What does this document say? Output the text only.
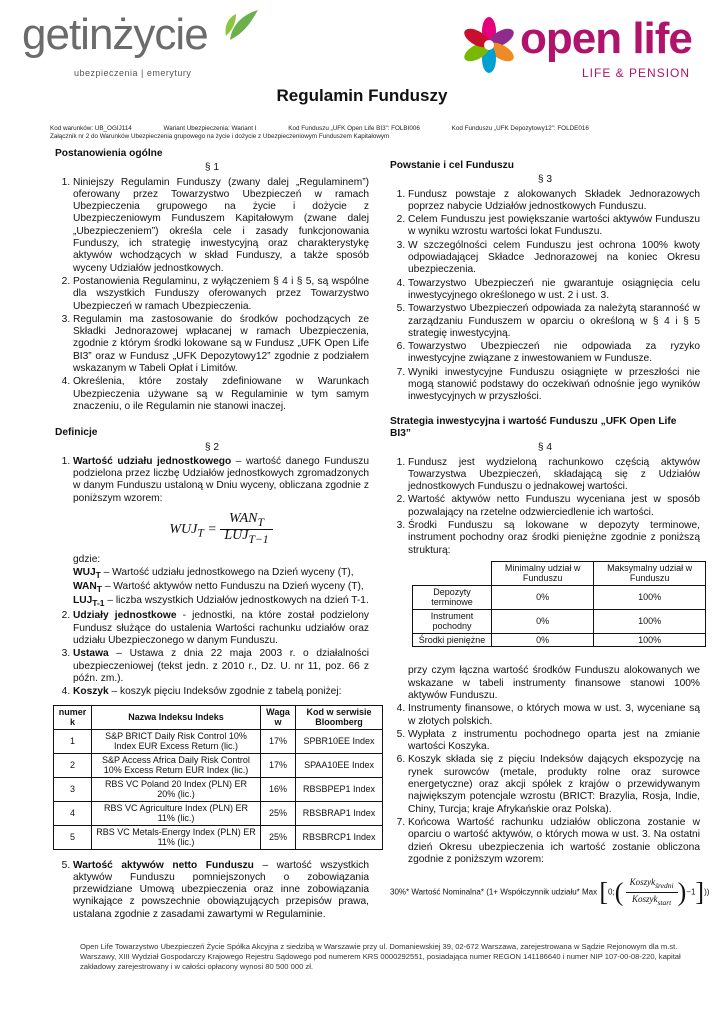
getinżycie
ubezpieczenia | emerytury
open life
LIFE & PENSION
Regulamin Funduszy
Kod warunków: UB_OGIJ114	Wariant Ubezpieczenia: Wariant I	Kod Funduszu „UFK Open Life BI3”: FOLBI006	Kod Funduszu „UFK Depozytowy12”: FOLDE016
Załącznik nr 2 do Warunków Ubezpieczenia grupowego na życie i dożycie z Ubezpieczeniowym Funduszem Kapitałowym
Postanowienia ogólne
§ 1
1. Niniejszy Regulamin Funduszy (zwany dalej „Regulaminem”) oferowany przez Towarzystwo Ubezpieczeń w ramach Ubezpieczenia grupowego na życie i dożycie z Ubezpieczeniowym Funduszem Kapitałowym (zwane dalej „Ubezpieczeniem”) określa cele i zasady funkcjonowania Funduszy, ich strategię inwestycyjną oraz charakterystykę aktywów wchodzących w skład Funduszy, a także sposób wyceny Udziałów jednostkowych.
2. Postanowienia Regulaminu, z wyłączeniem § 4 i § 5, są wspólne dla wszystkich Funduszy oferowanych przez Towarzystwo Ubezpieczeń w ramach Ubezpieczenia.
3. Regulamin ma zastosowanie do środków pochodzących ze Składki Jednorazowej wpłacanej w ramach Ubezpieczenia, zgodnie z którym środki lokowane są w Fundusz „UFK Open Life BI3” oraz w Fundusz „UFK Depozytowy12” zgodnie z podziałem wskazanym w Tabeli Opłat i Limitów.
4. Określenia, które zostały zdefiniowane w Warunkach Ubezpieczenia używane są w Regulaminie w tym samym znaczeniu, o ile Regulamin nie stanowi inaczej.
Definicje
§ 2
1. Wartość udziału jednostkowego – wartość danego Funduszu podzielona przez liczbę Udziałów jednostkowych zgromadzonych w danym Funduszu ustaloną w Dniu wyceny, obliczana zgodnie z poniższym wzorem:
$WUJ_T = \frac{WAN_T}{LUJ_{T-1}}$
gdzie:
$WUJ_T$ – Wartość udziału jednostkowego na Dzień wyceny (T),
$WAN_T$ – Wartość aktywów netto Funduszu na Dzień wyceny (T),
$LUJ_{T-1}$ – liczba wszystkich Udziałów jednostkowych na dzień T-1.
2. Udziały jednostkowe - jednostki, na które został podzielony Fundusz służące do ustalenia Wartości rachunku udziałów oraz udziału Ubezpieczonego w danym Funduszu.
3. Ustawa – Ustawa z dnia 22 maja 2003 r. o działalności ubezpieczeniowej (tekst jedn. z 2010 r., Dz. U. nr 11, poz. 66 z późn. zm.).
4. Koszyk – koszyk pięciu Indeksów zgodnie z tabelą poniżej:
numer k	Nazwa Indeksu Indeks	Waga w	Kod w serwisie Bloomberg
1	S&P BRICT Daily Risk Control 10% Index EUR Excess Return (lic.)	17%	SPBR10EE Index
2	S&P Access Africa Daily Risk Control 10% Excess Return EUR Index (lic.)	17%	SPAA10EE Index
3	RBS VC Poland 20 Index (PLN) ER 20% (lic.)	16%	RBSBPEP1 Index
4	RBS VC Agriculture Index (PLN) ER 11% (lic.)	25%	RBSBRAP1 Index
5	RBS VC Metals-Energy Index (PLN) ER 11% (lic.)	25%	RBSBRCP1 Index
5. Wartość aktywów netto Funduszu – wartość wszystkich aktywów Funduszu pomniejszonych o zobowiązania przewidziane Umową ubezpieczenia oraz inne zobowiązania wynikające z powszechnie obowiązujących przepisów prawa, ustalana zgodnie z zasadami zawartymi w Regulaminie.
Powstanie i cel Funduszu
§ 3
1. Fundusz powstaje z alokowanych Składek Jednorazowych poprzez nabycie Udziałów jednostkowych Funduszu.
2. Celem Funduszu jest powiększanie wartości aktywów Funduszu w wyniku wzrostu wartości lokat Funduszu.
3. W szczególności celem Funduszu jest ochrona 100% kwoty odpowiadającej Składce Jednorazowej na koniec Okresu ubezpieczenia.
4. Towarzystwo Ubezpieczeń nie gwarantuje osiągnięcia celu inwestycyjnego określonego w ust. 2 i ust. 3.
5. Towarzystwo Ubezpieczeń odpowiada za należytą staranność w zarządzaniu Funduszem w oparciu o określoną w § 4 i § 5 strategię inwestycyjną.
6. Towarzystwo Ubezpieczeń nie odpowiada za ryzyko inwestycyjne związane z inwestowaniem w Fundusze.
7. Wyniki inwestycyjne Funduszu osiągnięte w przeszłości nie mogą stanowić podstawy do oczekiwań odnośnie jego wyników inwestycyjnych w przyszłości.
Strategia inwestycyjna i wartość Funduszu „UFK Open Life BI3”
§ 4
1. Fundusz jest wydzieloną rachunkowo częścią aktywów Towarzystwa Ubezpieczeń, składającą się z Udziałów jednostkowych Funduszu o jednakowej wartości.
2. Wartość aktywów netto Funduszu wyceniana jest w sposób pozwalający na rzetelne odzwierciedlenie ich wartości.
3. Środki Funduszu są lokowane w depozyty terminowe, instrument pochodny oraz środki pieniężne zgodnie z poniższą strukturą:
	Minimalny udział w Funduszu	Maksymalny udział w Funduszu
Depozyty terminowe	0%	100%
Instrument pochodny	0%	100%
Środki pieniężne	0%	100%
przy czym łączna wartość środków Funduszu alokowanych we wskazane w tabeli instrumenty finansowe stanowi 100% aktywów Funduszu.
4. Instrumenty finansowe, o których mowa w ust. 3, wyceniane są w złotych polskich.
5. Wypłata z instrumentu pochodnego oparta jest na zmianie wartości Koszyka.
6. Koszyk składa się z pięciu Indeksów dających ekspozycję na rynek surowców (metale, produkty rolne oraz surowce energetyczne) oraz akcji spółek z krajów o przewidywanym największym potencjale wzrostu (BRICT: Brazylia, Rosja, Indie, Chiny, Turcja; kraje Afrykańskie oraz Polska).
7. Końcowa Wartość rachunku udziałów obliczona zostanie w oparciu o wartość aktywów, o których mowa w ust. 3. Na ostatni dzień Okresu ubezpieczenia ich wartość zostanie obliczona zgodnie z poniższym wzorem:
30%* Wartość Nominalna* (1+ Współczynnik udziału* Max [0;( $\frac{Koszyk_{średni}}{Koszyk_{start}} )-1$]))
Open Life Towarzystwo Ubezpieczeń Życie Spółka Akcyjna z siedzibą w Warszawie przy ul. Domaniewskiej 39, 02-672 Warszawa, zarejestrowana w Sądzie Rejonowym dla m.st. Warszawy, XIII Wydział Gospodarczy Krajowego Rejestru Sądowego pod numerem KRS 0000292551, posiadająca numer REGON 141186640 i numer NIP 107-00-08-220, kapitał zakładowy zarejestrowany i w całości opłacony wynosi 80 500 000 zł.
